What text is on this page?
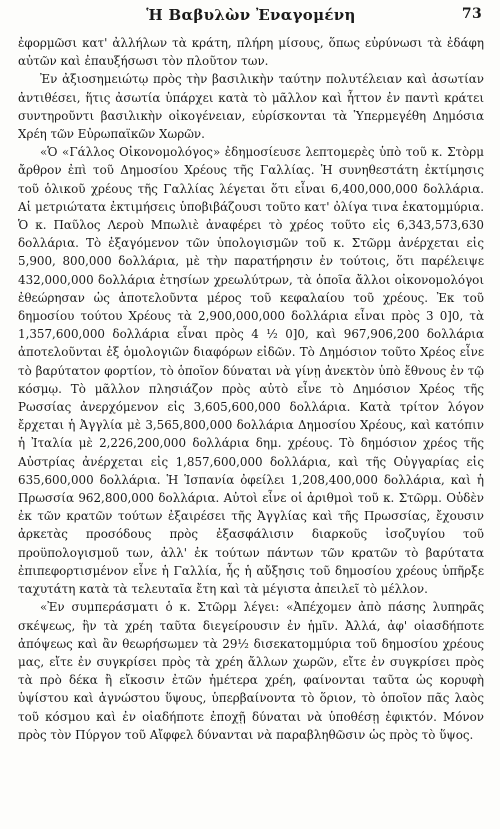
Ἡ Βαβυλὼν Ἐναγομένη	73

ἐφορμῶσι κατ' ἀλλήλων τὰ κράτη, πλήρη μίσους, ὅπως εὐρύνωσι τὰ ἐδάφη αὐτῶν καὶ ἐπαυξήσωσι τὸν πλοῦτον των.

Ἐν ἀξιοσημειώτῳ πρὸς τὴν βασιλικὴν ταύτην πολυτέλειαν καὶ ἀσωτίαν ἀντιθέσει, ἥτις ἀσωτία ὑπάρχει κατὰ τὸ μᾶλλον καὶ ἧττον ἐν παντὶ κράτει συντηροῦντι βασιλικὴν οἰκογένειαν, εὑρίσκονται τὰ Ὑπερμεγέθη Δημόσια Χρέη τῶν Εὐρωπαϊκῶν Χωρῶν.

«Ὁ «Γάλλος Οἰκονομολόγος» ἐδημοσίευσε λεπτομερὲς ὑπὸ τοῦ κ. Στὸρμ ἄρθρον ἐπὶ τοῦ Δημοσίου Χρέους τῆς Γαλλίας. Ἡ συνηθεστάτη ἐκτίμησις τοῦ ὁλικοῦ χρέους τῆς Γαλλίας λέγεται ὅτι εἶναι 6,400,000,000 δολλάρια. Αἱ μετριώτατα ἐκτιμήσεις ὑποβιβάζουσι τοῦτο κατ' ὀλίγα τινα ἑκατομμύρια. Ὁ κ. Παῦλος Λεροὺ Μπωλιὲ ἀναφέρει τὸ χρέος τοῦτο εἰς 6,343,573,630 δολλάρια. Τὸ ἐξαγόμενον τῶν ὑπολογισμῶν τοῦ κ. Στῶρμ ἀνέρχεται εἰς 5,900, 800,000 δολλάρια, μὲ τὴν παρατήρησιν ἐν τούτοις, ὅτι παρέλειψε 432,000,000 δολλάρια ἐτησίων χρεωλύτρων, τὰ ὁποῖα ἄλλοι οἰκονομολόγοι ἐθεώρησαν ὡς ἀποτελοῦντα μέρος τοῦ κεφαλαίου τοῦ χρέους. Ἐκ τοῦ δημοσίου τούτου Χρέους τὰ 2,900,000,000 δολλάρια εἶναι πρὸς 3 0]0, τὰ 1,357,600,000 δολλάρια εἶναι πρὸς 4 ½ 0]0, καὶ 967,906,200 δολλάρια ἀποτελοῦνται ἐξ ὁμολογιῶν διαφόρων εἰδῶν. Τὸ Δημόσιον τοῦτο Χρέος εἶνε τὸ βαρύτατον φορτίον, τὸ ὁποῖον δύναται νὰ γίνῃ ἀνεκτὸν ὑπὸ ἔθνους ἐν τῷ κόσμῳ. Τὸ μᾶλλον πλησιάζον πρὸς αὐτὸ εἶνε τὸ Δημόσιον Χρέος τῆς Ρωσσίας ἀνερχόμενον εἰς 3,605,600,000 δολλάρια. Κατὰ τρίτον λόγον ἔρχεται ἡ Ἀγγλία μὲ 3,565,800,000 δολλάρια Δημοσίου Χρέους, καὶ κατόπιν ἡ Ἰταλία μὲ 2,226,200,000 δολλάρια δημ. χρέους. Τὸ δημόσιον χρέος τῆς Αὐστρίας ἀνέρχεται εἰς 1,857,600,000 δολλάρια, καὶ τῆς Οὐγγαρίας εἰς 635,600,000 δολλάρια. Ἡ Ἱσπανία ὀφείλει 1,208,400,000 δολλάρια, καὶ ἡ Πρωσσία 962,800,000 δολλάρια. Αὐτοὶ εἶνε οἱ ἀριθμοὶ τοῦ κ. Στῶρμ. Οὐδὲν ἐκ τῶν κρατῶν τούτων ἐξαιρέσει τῆς Ἀγγλίας καὶ τῆς Πρωσσίας, ἔχουσιν ἀρκετὰς προσόδους πρὸς ἐξασφάλισιν διαρκοῦς ἰσοζυγίου τοῦ προϋπολογισμοῦ των, ἀλλ' ἐκ τούτων πάντων τῶν κρατῶν τὸ βαρύτατα ἐπιπεφορτισμένον εἶνε ἡ Γαλλία, ἧς ἡ αὔξησις τοῦ δημοσίου χρέους ὑπῆρξε ταχυτάτη κατὰ τὰ τελευταῖα ἔτη καὶ τὰ μέγιστα ἀπειλεῖ τὸ μέλλον.

«Ἐν συμπεράσματι ὁ κ. Στῶρμ λέγει: «Ἀπέχομεν ἀπὸ πάσης λυπηρᾶς σκέψεως, ἣν τὰ χρέη ταῦτα διεγείρουσιν ἐν ἡμῖν. Ἀλλά, ἀφ' οἱασδήποτε ἀπόψεως καὶ ἂν θεωρήσωμεν τὰ 29½ δισεκατομμύρια τοῦ δημοσίου χρέους μας, εἴτε ἐν συγκρίσει πρὸς τὰ χρέη ἄλλων χωρῶν, εἴτε ἐν συγκρίσει πρὸς τὰ πρὸ δέκα ἢ εἴκοσιν ἐτῶν ἡμέτερα χρέη, φαίνονται ταῦτα ὡς κορυφὴ ὑψίστου καὶ ἀγνώστου ὕψους, ὑπερβαίνοντα τὸ ὅριον, τὸ ὁποῖον πᾶς λαὸς τοῦ κόσμου καὶ ἐν οἱαδήποτε ἐποχῇ δύναται νὰ ὑποθέσῃ ἐφικτόν. Μόνον πρὸς τὸν Πύργον τοῦ Αἴφφελ δύνανται νὰ παραβληθῶσιν ὡς πρὸς τὸ ὕψος.
